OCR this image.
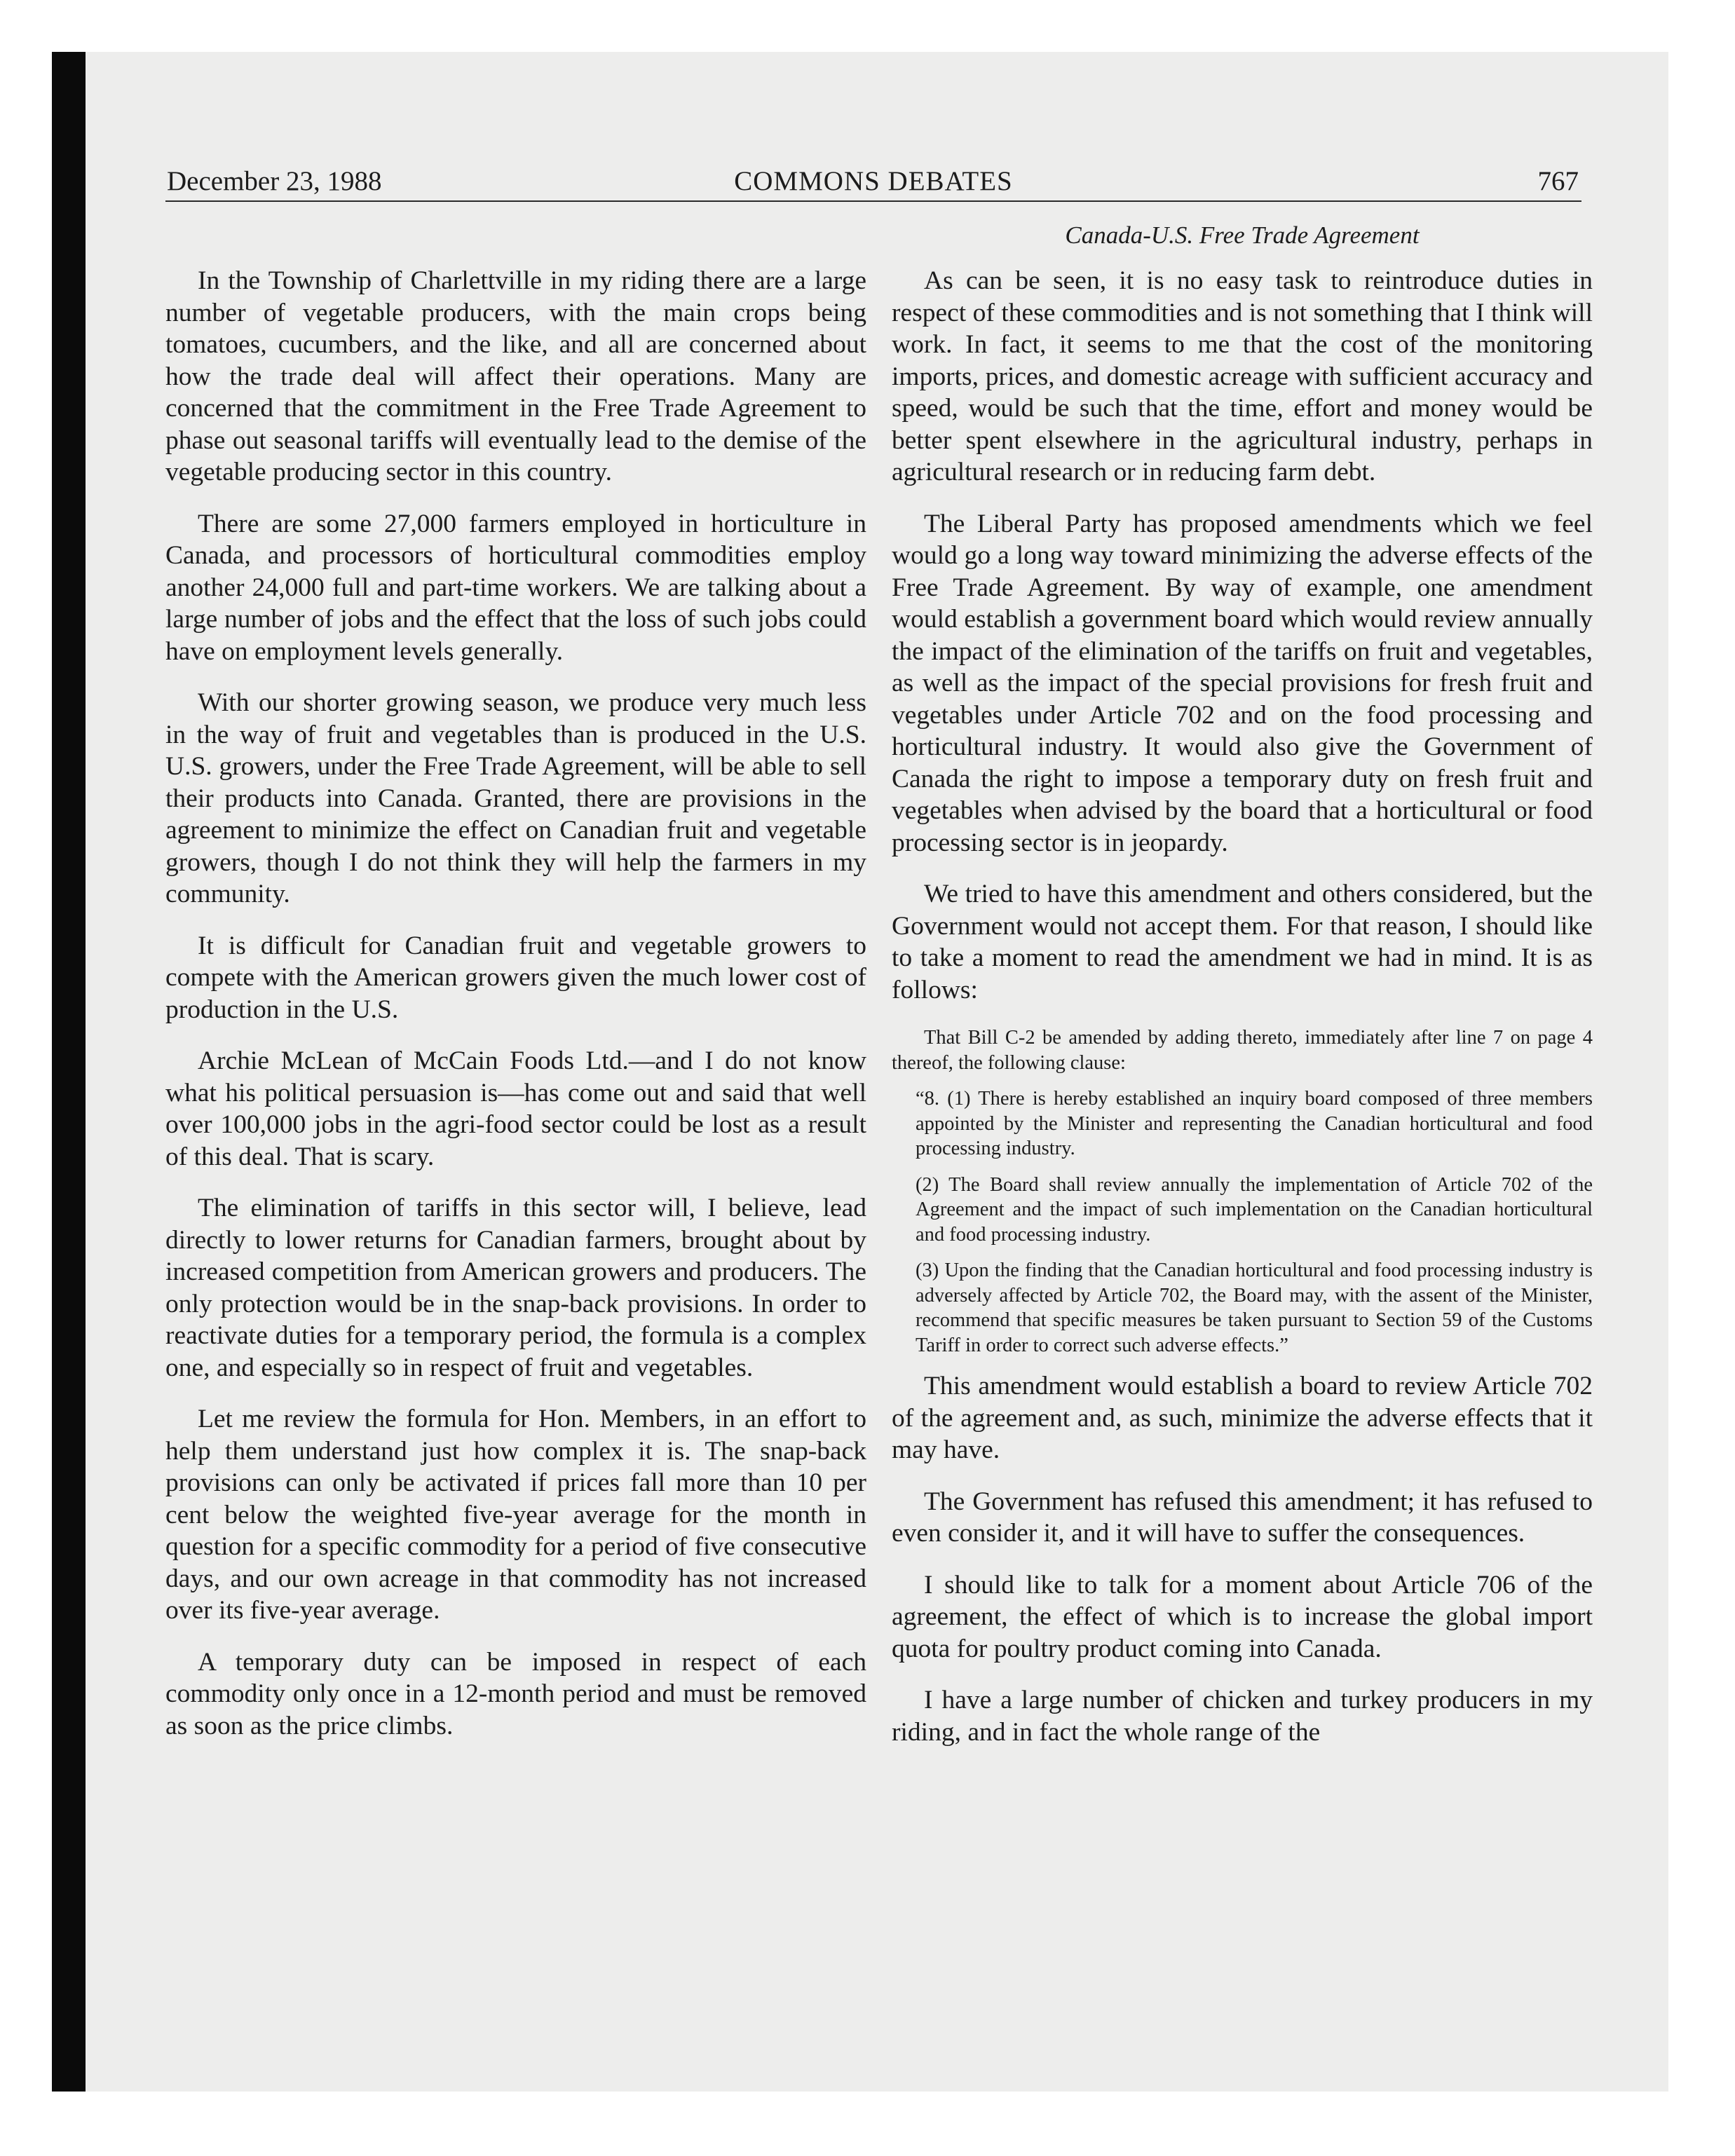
December 23, 1988	COMMONS DEBATES	767

In the Township of Charlettville in my riding there are a large number of vegetable producers, with the main crops being tomatoes, cucumbers, and the like, and all are concerned about how the trade deal will affect their operations. Many are concerned that the commitment in the Free Trade Agreement to phase out seasonal tariffs will eventually lead to the demise of the vegetable producing sector in this country.

There are some 27,000 farmers employed in horticulture in Canada, and processors of horticultural commodities employ another 24,000 full and part-time workers. We are talking about a large number of jobs and the effect that the loss of such jobs could have on employment levels generally.

With our shorter growing season, we produce very much less in the way of fruit and vegetables than is produced in the U.S. U.S. growers, under the Free Trade Agreement, will be able to sell their products into Canada. Granted, there are provisions in the agreement to minimize the effect on Canadian fruit and vegetable growers, though I do not think they will help the farmers in my community.

It is difficult for Canadian fruit and vegetable growers to compete with the American growers given the much lower cost of production in the U.S.

Archie McLean of McCain Foods Ltd.—and I do not know what his political persuasion is—has come out and said that well over 100,000 jobs in the agri-food sector could be lost as a result of this deal. That is scary.

The elimination of tariffs in this sector will, I believe, lead directly to lower returns for Canadian farmers, brought about by increased competition from American growers and producers. The only protection would be in the snap-back provisions. In order to reactivate duties for a temporary period, the formula is a complex one, and especially so in respect of fruit and vegetables.

Let me review the formula for Hon. Members, in an effort to help them understand just how complex it is. The snap-back provisions can only be activated if prices fall more than 10 per cent below the weighted five-year average for the month in question for a specific commodity for a period of five consecutive days, and our own acreage in that commodity has not increased over its five-year average.

A temporary duty can be imposed in respect of each commodity only once in a 12-month period and must be removed as soon as the price climbs.

Canada-U.S. Free Trade Agreement

As can be seen, it is no easy task to reintroduce duties in respect of these commodities and is not something that I think will work. In fact, it seems to me that the cost of the monitoring imports, prices, and domestic acreage with sufficient accuracy and speed, would be such that the time, effort and money would be better spent elsewhere in the agricultural industry, perhaps in agricultural research or in reducing farm debt.

The Liberal Party has proposed amendments which we feel would go a long way toward minimizing the adverse effects of the Free Trade Agreement. By way of example, one amendment would establish a government board which would review annually the impact of the elimination of the tariffs on fruit and vegetables, as well as the impact of the special provisions for fresh fruit and vegetables under Article 702 and on the food processing and horticultural industry. It would also give the Government of Canada the right to impose a temporary duty on fresh fruit and vegetables when advised by the board that a horticultural or food processing sector is in jeopardy.

We tried to have this amendment and others considered, but the Government would not accept them. For that reason, I should like to take a moment to read the amendment we had in mind. It is as follows:

That Bill C-2 be amended by adding thereto, immediately after line 7 on page 4 thereof, the following clause:

“8. (1) There is hereby established an inquiry board composed of three members appointed by the Minister and representing the Canadian horticultural and food processing industry.

(2) The Board shall review annually the implementation of Article 702 of the Agreement and the impact of such implementation on the Canadian horticultural and food processing industry.

(3) Upon the finding that the Canadian horticultural and food processing industry is adversely affected by Article 702, the Board may, with the assent of the Minister, recommend that specific measures be taken pursuant to Section 59 of the Customs Tariff in order to correct such adverse effects.”

This amendment would establish a board to review Article 702 of the agreement and, as such, minimize the adverse effects that it may have.

The Government has refused this amendment; it has refused to even consider it, and it will have to suffer the consequences.

I should like to talk for a moment about Article 706 of the agreement, the effect of which is to increase the global import quota for poultry product coming into Canada.

I have a large number of chicken and turkey producers in my riding, and in fact the whole range of the
